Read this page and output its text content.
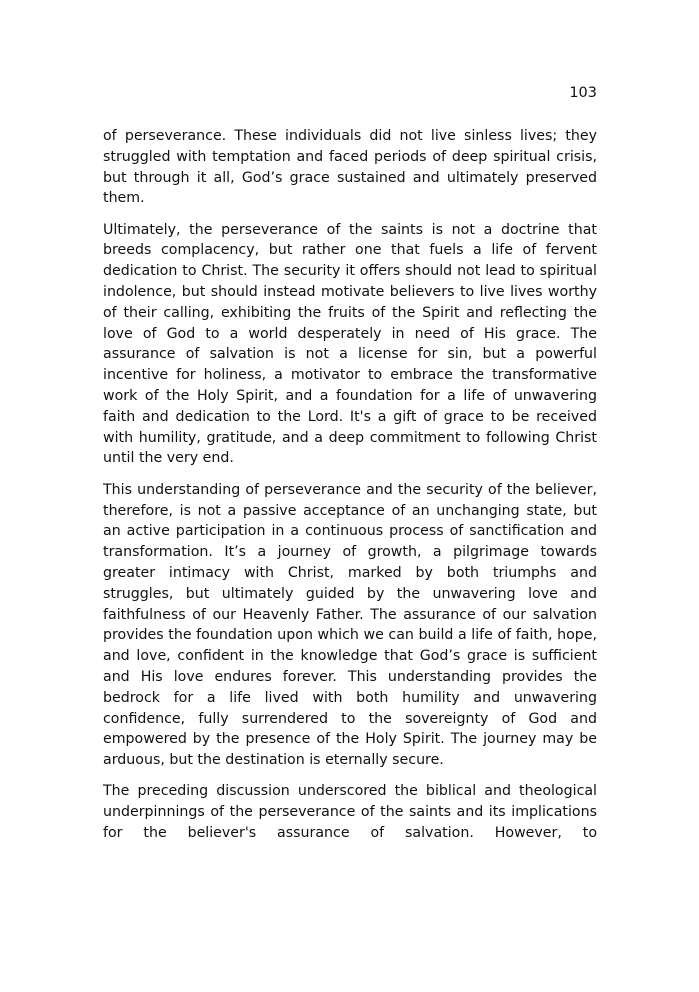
103

of perseverance. These individuals did not live sinless lives; they struggled with temptation and faced periods of deep spiritual crisis, but through it all, God’s grace sustained and ultimately preserved them.

Ultimately, the perseverance of the saints is not a doctrine that breeds complacency, but rather one that fuels a life of fervent dedication to Christ. The security it offers should not lead to spiritual indolence, but should instead motivate believers to live lives worthy of their calling, exhibiting the fruits of the Spirit and reflecting the love of God to a world desperately in need of His grace. The assurance of salvation is not a license for sin, but a powerful incentive for holiness, a motivator to embrace the transformative work of the Holy Spirit, and a foundation for a life of unwavering faith and dedication to the Lord. It's a gift of grace to be received with humility, gratitude, and a deep commitment to following Christ until the very end.

This understanding of perseverance and the security of the believer, therefore, is not a passive acceptance of an unchanging state, but an active participation in a continuous process of sanctification and transformation. It’s a journey of growth, a pilgrimage towards greater intimacy with Christ, marked by both triumphs and struggles, but ultimately guided by the unwavering love and faithfulness of our Heavenly Father. The assurance of our salvation provides the foundation upon which we can build a life of faith, hope, and love, confident in the knowledge that God’s grace is sufficient and His love endures forever. This understanding provides the bedrock for a life lived with both humility and unwavering confidence, fully surrendered to the sovereignty of God and empowered by the presence of the Holy Spirit. The journey may be arduous, but the destination is eternally secure.

The preceding discussion underscored the biblical and theological underpinnings of the perseverance of the saints and its implications for the believer's assurance of salvation. However, to
